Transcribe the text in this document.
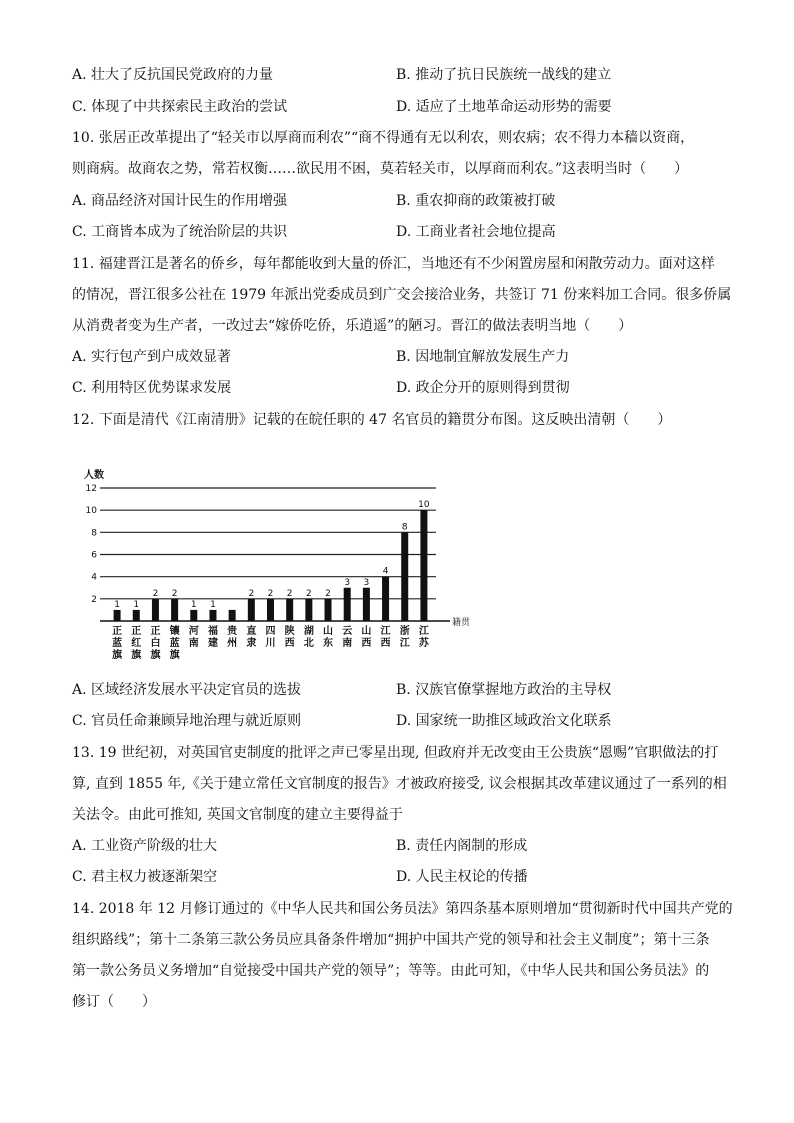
A. 壮大了反抗国民党政府的力量	B. 推动了抗日民族统一战线的建立
C. 体现了中共探索民主政治的尝试	D. 适应了土地革命运动形势的需要
10. 张居正改革提出了“轻关市以厚商而利农”“商不得通有无以利农，则农病；农不得力本穑以资商，
则商病。故商农之势，常若权衡……欲民用不困，莫若轻关市，以厚商而利农。”这表明当时（　　）
A. 商品经济对国计民生的作用增强	B. 重农抑商的政策被打破
C. 工商皆本成为了统治阶层的共识	D. 工商业者社会地位提高
11. 福建晋江是著名的侨乡，每年都能收到大量的侨汇，当地还有不少闲置房屋和闲散劳动力。面对这样
的情况，晋江很多公社在 1979 年派出党委成员到广交会接洽业务，共签订 71 份来料加工合同。很多侨属
从消费者变为生产者，一改过去“嫁侨吃侨，乐逍遥”的陋习。晋江的做法表明当地（　　）
A. 实行包产到户成效显著	B. 因地制宜解放发展生产力
C. 利用特区优势谋求发展	D. 政企分开的原则得到贯彻
12. 下面是清代《江南清册》记载的在皖任职的 47 名官员的籍贯分布图。这反映出清朝（　　）
人数
2
4
6
8
10
12
籍贯
1
正蓝旗
1
正红旗
2
正白旗
2
镶蓝旗
1
河南
1
福建
贵州
2
直隶
2
四川
2
陕西
2
湖北
2
山东
3
云南
3
山西
4
江西
8
浙江
10
江苏
A. 区域经济发展水平决定官员的选拔	B. 汉族官僚掌握地方政治的主导权
C. 官员任命兼顾异地治理与就近原则	D. 国家统一助推区域政治文化联系
13. 19 世纪初，对英国官吏制度的批评之声已零星出现, 但政府并无改变由王公贵族“恩赐”官职做法的打
算, 直到 1855 年,《关于建立常任文官制度的报告》才被政府接受, 议会根据其改革建议通过了一系列的相
关法令。由此可推知, 英国文官制度的建立主要得益于
A. 工业资产阶级的壮大	B. 责任内阁制的形成
C. 君主权力被逐渐架空	D. 人民主权论的传播
14. 2018 年 12 月修订通过的《中华人民共和国公务员法》第四条基本原则增加“贯彻新时代中国共产党的
组织路线”；第十二条第三款公务员应具备条件增加“拥护中国共产党的领导和社会主义制度”；第十三条
第一款公务员义务增加“自觉接受中国共产党的领导”；等等。由此可知，《中华人民共和国公务员法》的
修订（　　）
